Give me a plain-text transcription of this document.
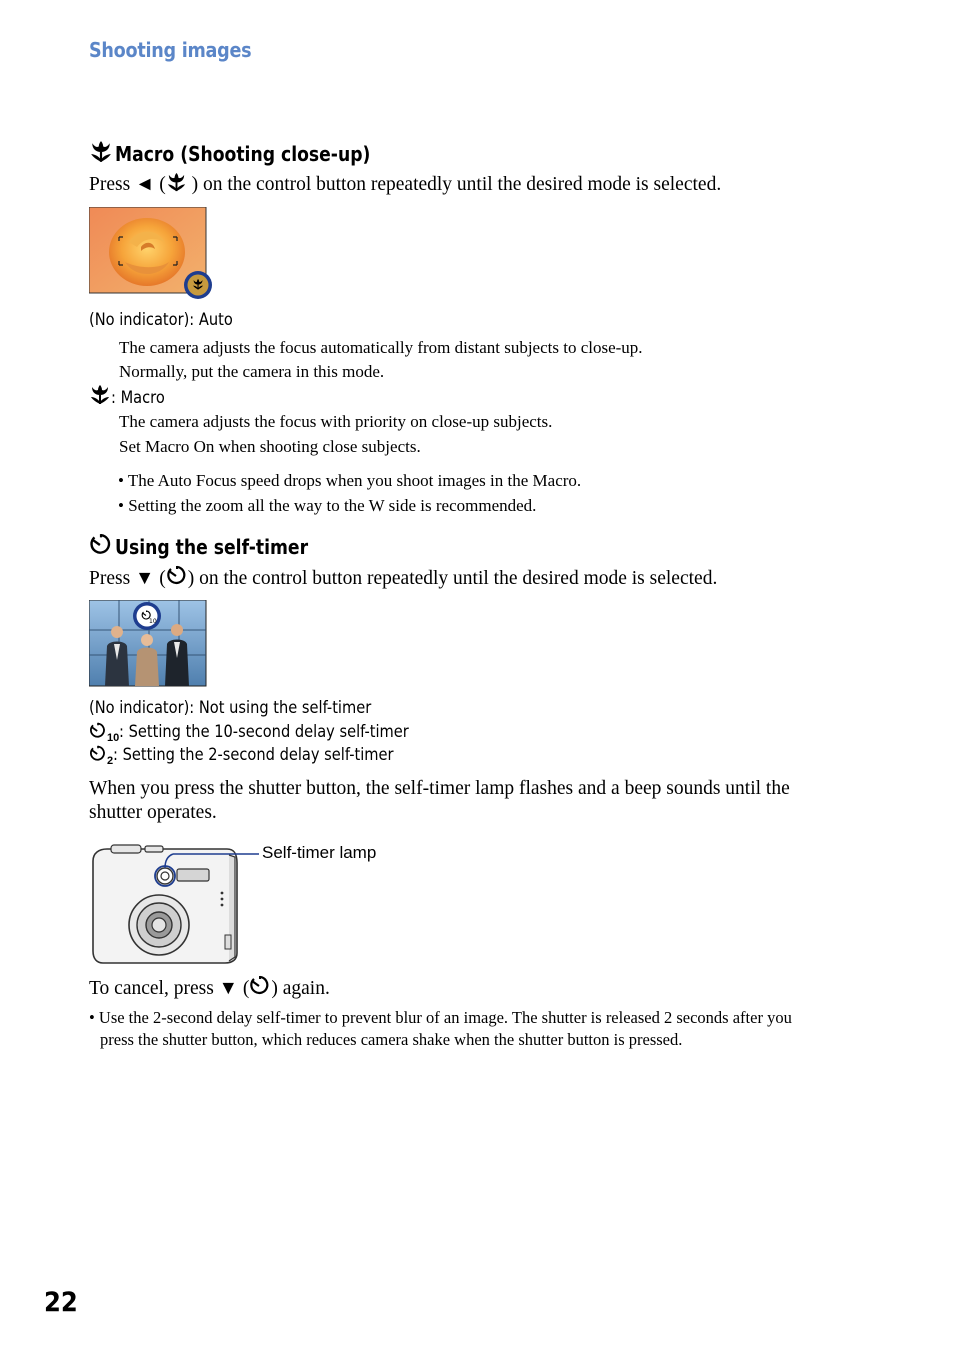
Shooting images
Macro (Shooting close-up)
Press ◄ ( ) on the control button repeatedly until the desired mode is selected.
(No indicator): Auto
The camera adjusts the focus automatically from distant subjects to close-up.
Normally, put the camera in this mode.
: Macro
The camera adjusts the focus with priority on close-up subjects.
Set Macro On when shooting close subjects.
• The Auto Focus speed drops when you shoot images in the Macro.
• Setting the zoom all the way to the W side is recommended.
Using the self-timer
Press ▼ ( ) on the control button repeatedly until the desired mode is selected.
10
(No indicator): Not using the self-timer
$_{10}$: Setting the 10-second delay self-timer
$_2$: Setting the 2-second delay self-timer
When you press the shutter button, the self-timer lamp flashes and a beep sounds until the
shutter operates.
Self-timer lamp
To cancel, press ▼ ( ) again.
• Use the 2-second delay self-timer to prevent blur of an image. The shutter is released 2 seconds after you
press the shutter button, which reduces camera shake when the shutter button is pressed.
22
